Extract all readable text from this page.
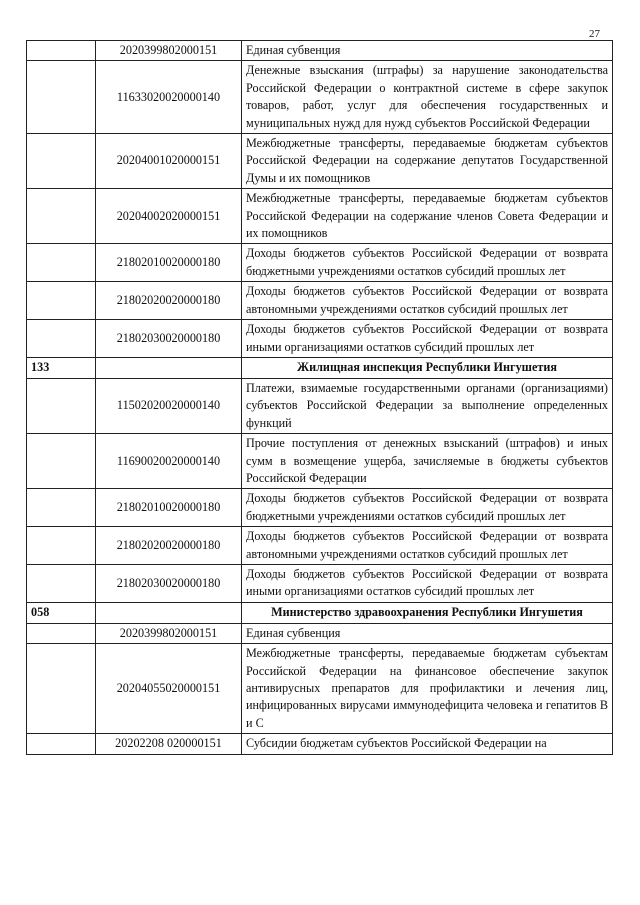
27
	2020399802000151	Единая субвенция
	11633020020000140	Денежные взыскания (штрафы) за нарушение законодательства Российской Федерации о контрактной системе в сфере закупок товаров, работ, услуг для обеспечения государственных и муниципальных нужд для нужд субъектов Российской Федерации
	20204001020000151	Межбюджетные трансферты, передаваемые бюджетам субъектов Российской Федерации на содержание депутатов Государственной Думы и их помощников
	20204002020000151	Межбюджетные трансферты, передаваемые бюджетам субъектов Российской Федерации на содержание членов Совета Федерации и их помощников
	21802010020000180	Доходы бюджетов субъектов Российской Федерации от возврата бюджетными учреждениями остатков субсидий прошлых лет
	21802020020000180	Доходы бюджетов субъектов Российской Федерации от возврата автономными учреждениями остатков субсидий прошлых лет
	21802030020000180	Доходы бюджетов субъектов Российской Федерации от возврата иными организациями остатков субсидий прошлых лет
133		Жилищная инспекция Республики Ингушетия
	11502020020000140	Платежи, взимаемые государственными органами (организациями) субъектов Российской Федерации за выполнение определенных функций
	11690020020000140	Прочие поступления от денежных взысканий (штрафов) и иных сумм в возмещение ущерба, зачисляемые в бюджеты субъектов Российской Федерации
	21802010020000180	Доходы бюджетов субъектов Российской Федерации от возврата бюджетными учреждениями остатков субсидий прошлых лет
	21802020020000180	Доходы бюджетов субъектов Российской Федерации от возврата автономными учреждениями остатков субсидий прошлых лет
	21802030020000180	Доходы бюджетов субъектов Российской Федерации от возврата иными организациями остатков субсидий прошлых лет
058		Министерство здравоохранения Республики Ингушетия
	2020399802000151	Единая субвенция
	20204055020000151	Межбюджетные трансферты, передаваемые бюджетам субъектам Российской Федерации на финансовое обеспечение закупок антивирусных препаратов для профилактики и лечения лиц, инфицированных вирусами иммунодефицита человека и гепатитов В и С
	20202208 020000151	Субсидии бюджетам субъектов Российской Федерации на
